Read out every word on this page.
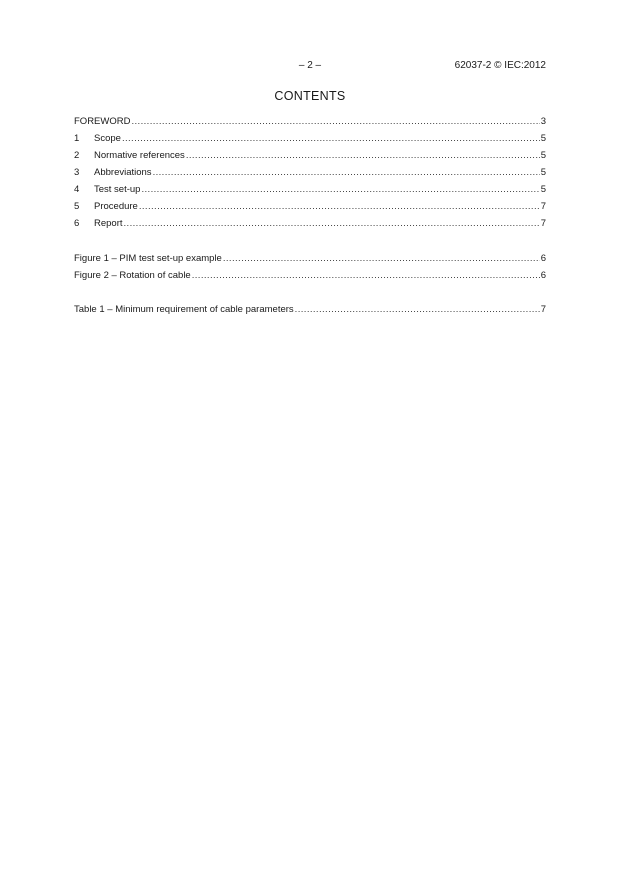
– 2 –	62037-2 © IEC:2012
CONTENTS
FOREWORD .....	3
1	Scope .....	5
2	Normative references .....	5
3	Abbreviations .....	5
4	Test set-up .....	5
5	Procedure .....	7
6	Report .....	7
Figure 1 – PIM test set-up example .....	6
Figure 2 – Rotation of cable .....	6
Table 1 – Minimum requirement of cable parameters .....	7
